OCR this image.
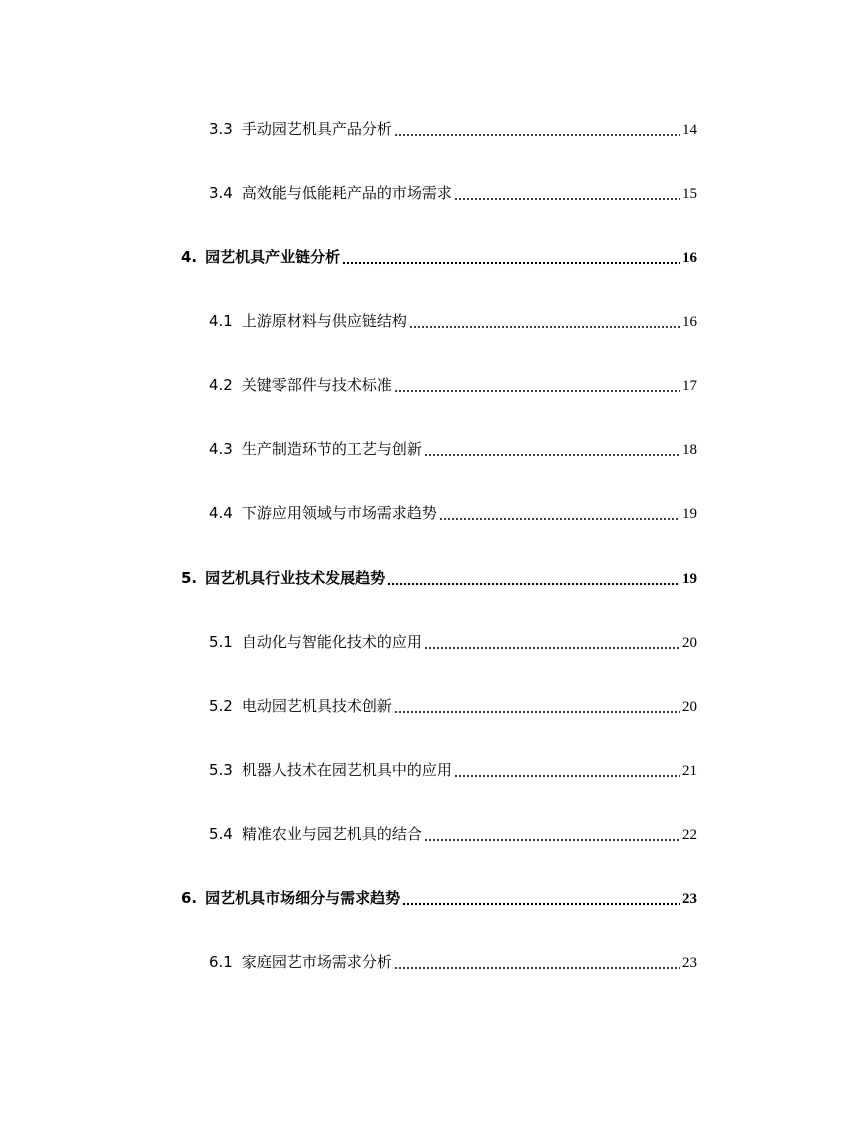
3.3 手动园艺机具产品分析	14
3.4 高效能与低能耗产品的市场需求	15
4. 园艺机具产业链分析	16
4.1 上游原材料与供应链结构	16
4.2 关键零部件与技术标准	17
4.3 生产制造环节的工艺与创新	18
4.4 下游应用领域与市场需求趋势	19
5. 园艺机具行业技术发展趋势	19
5.1 自动化与智能化技术的应用	20
5.2 电动园艺机具技术创新	20
5.3 机器人技术在园艺机具中的应用	21
5.4 精准农业与园艺机具的结合	22
6. 园艺机具市场细分与需求趋势	23
6.1 家庭园艺市场需求分析	23
